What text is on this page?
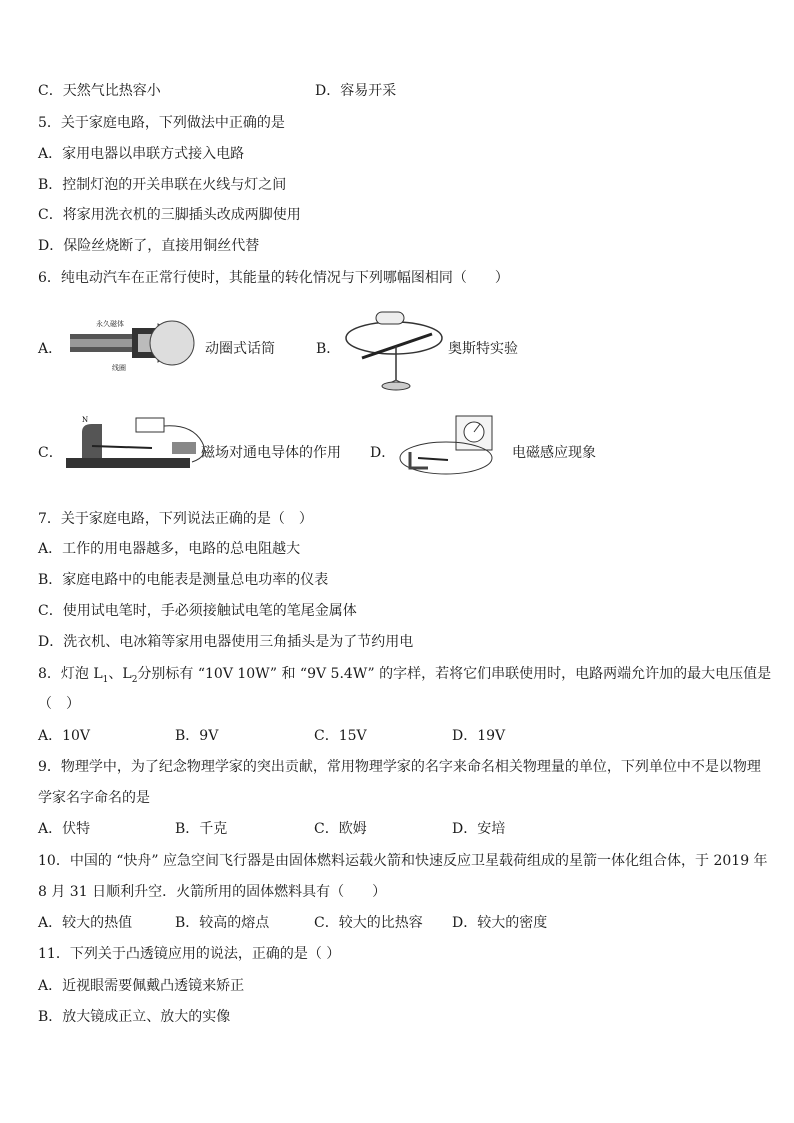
C．天然气比热容小	D．容易开采
5．关于家庭电路，下列做法中正确的是
A．家用电器以串联方式接入电路
B．控制灯泡的开关串联在火线与灯之间
C．将家用洗衣机的三脚插头改成两脚使用
D．保险丝烧断了，直接用铜丝代替
6．纯电动汽车在正常行使时，其能量的转化情况与下列哪幅图相同（　　）
A．
永久磁体
线圈
动圈式话筒	B．	奥斯特实验
C．
N
磁场对通电导体的作用 D．	电磁感应现象
7．关于家庭电路，下列说法正确的是（　）
A．工作的用电器越多，电路的总电阻越大
B．家庭电路中的电能表是测量总电功率的仪表
C．使用试电笔时，手必须接触试电笔的笔尾金属体
D．洗衣机、电冰箱等家用电器使用三角插头是为了节约用电
8．灯泡 $L_1$、$L_2$分别标有 “10V 10W” 和 “9V 5.4W” 的字样，若将它们串联使用时，电路两端允许加的最大电压值是
（　）
A．10V	B．9V	C．15V	D．19V
9．物理学中，为了纪念物理学家的突出贡献，常用物理学家的名字来命名相关物理量的单位，下列单位中不是以物理
学家名字命名的是
A．伏特	B．千克	C．欧姆	D．安培
10．中国的 “快舟” 应急空间飞行器是由固体燃料运载火箭和快速反应卫星载荷组成的星箭一体化组合体，于 2019 年
8 月 31 日顺利升空．火箭所用的固体燃料具有（　　）
A．较大的热值	B．较高的熔点	C．较大的比热容 D．较大的密度
11．下列关于凸透镜应用的说法，正确的是（ ）
A．近视眼需要佩戴凸透镜来矫正
B．放大镜成正立、放大的实像
